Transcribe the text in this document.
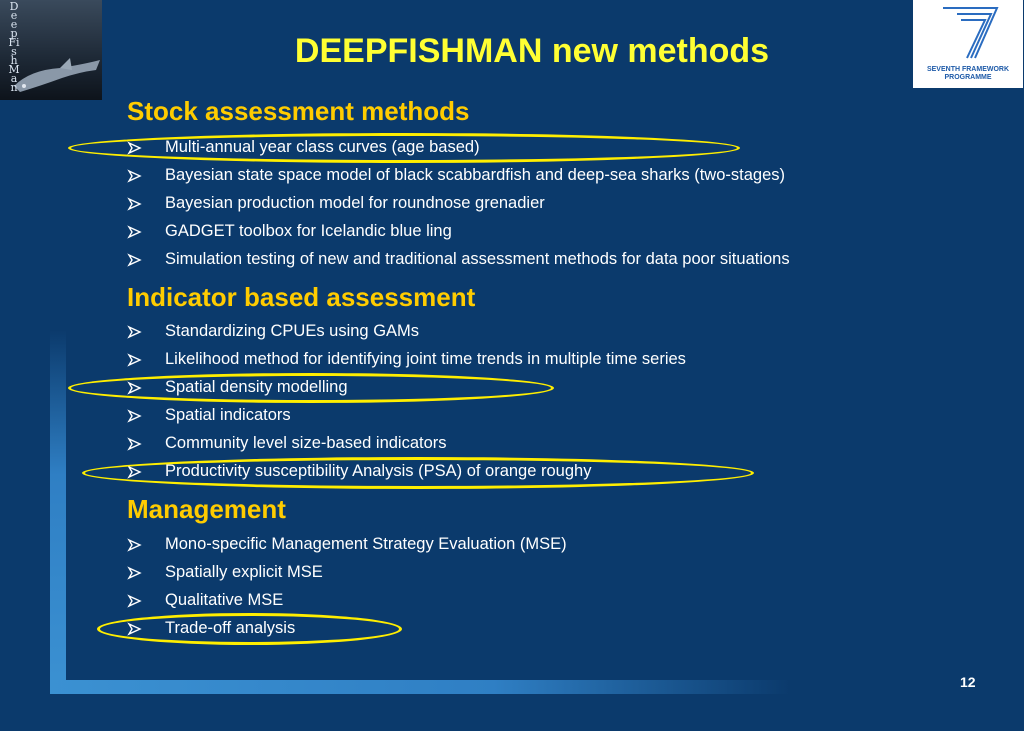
DeepFishMan
SEVENTH FRAMEWORK
PROGRAMME
DEEPFISHMAN new methods
Stock assessment methods
Multi-annual year class curves (age based)
Bayesian state space model of black scabbardfish and deep-sea sharks (two-stages)
Bayesian production model for roundnose grenadier
GADGET toolbox for Icelandic blue ling
Simulation testing of new and traditional assessment methods for data poor situations
Indicator based assessment
Standardizing CPUEs using GAMs
Likelihood method for identifying joint time trends in multiple time series
Spatial density modelling
Spatial indicators
Community level size-based indicators
Productivity susceptibility Analysis (PSA) of orange roughy
Management
Mono-specific Management Strategy Evaluation (MSE)
Spatially explicit MSE
Qualitative MSE
Trade-off analysis
12
